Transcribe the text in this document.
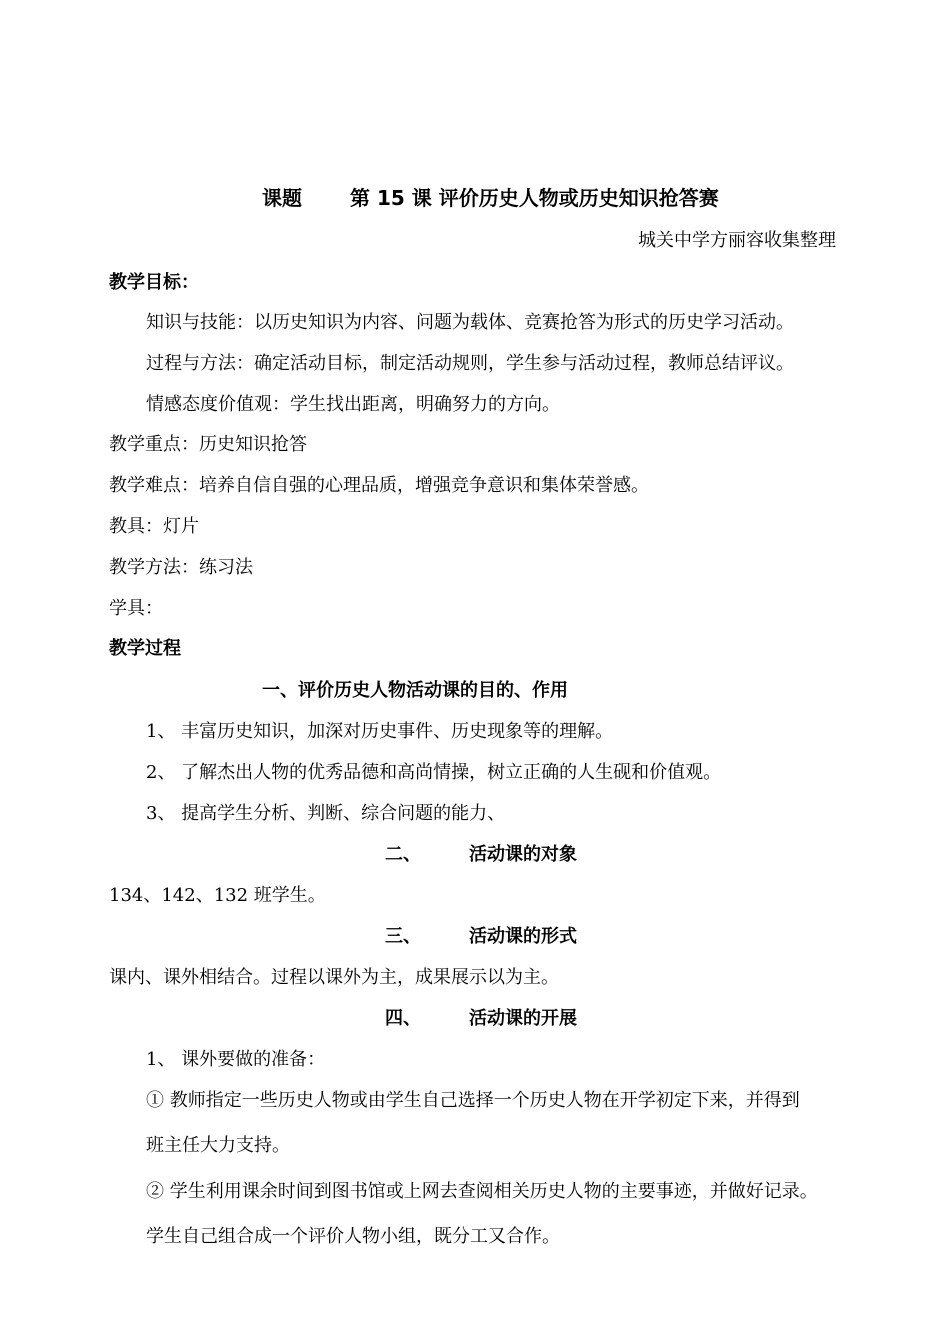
课题 第 15 课 评价历史人物或历史知识抢答赛
城关中学方丽容收集整理
教学目标：
知识与技能：以历史知识为内容、问题为载体、竞赛抢答为形式的历史学习活动。
过程与方法：确定活动目标，制定活动规则，学生参与活动过程，教师总结评议。
情感态度价值观：学生找出距离，明确努力的方向。
教学重点：历史知识抢答
教学难点：培养自信自强的心理品质，增强竞争意识和集体荣誉感。
教具：灯片
教学方法：练习法
学具：
教学过程
一、评价历史人物活动课的目的、作用
1、 丰富历史知识，加深对历史事件、历史现象等的理解。
2、 了解杰出人物的优秀品德和高尚情操，树立正确的人生砚和价值观。
3、 提高学生分析、判断、综合问题的能力、
二、	活动课的对象
134、142、132 班学生。
三、	活动课的形式
课内、课外相结合。过程以课外为主，成果展示以为主。
四、	活动课的开展
1、 课外要做的准备：
① 教师指定一些历史人物或由学生自己选择一个历史人物在开学初定下来，并得到
班主任大力支持。
② 学生利用课余时间到图书馆或上网去查阅相关历史人物的主要事迹，并做好记录。
学生自己组合成一个评价人物小组，既分工又合作。
